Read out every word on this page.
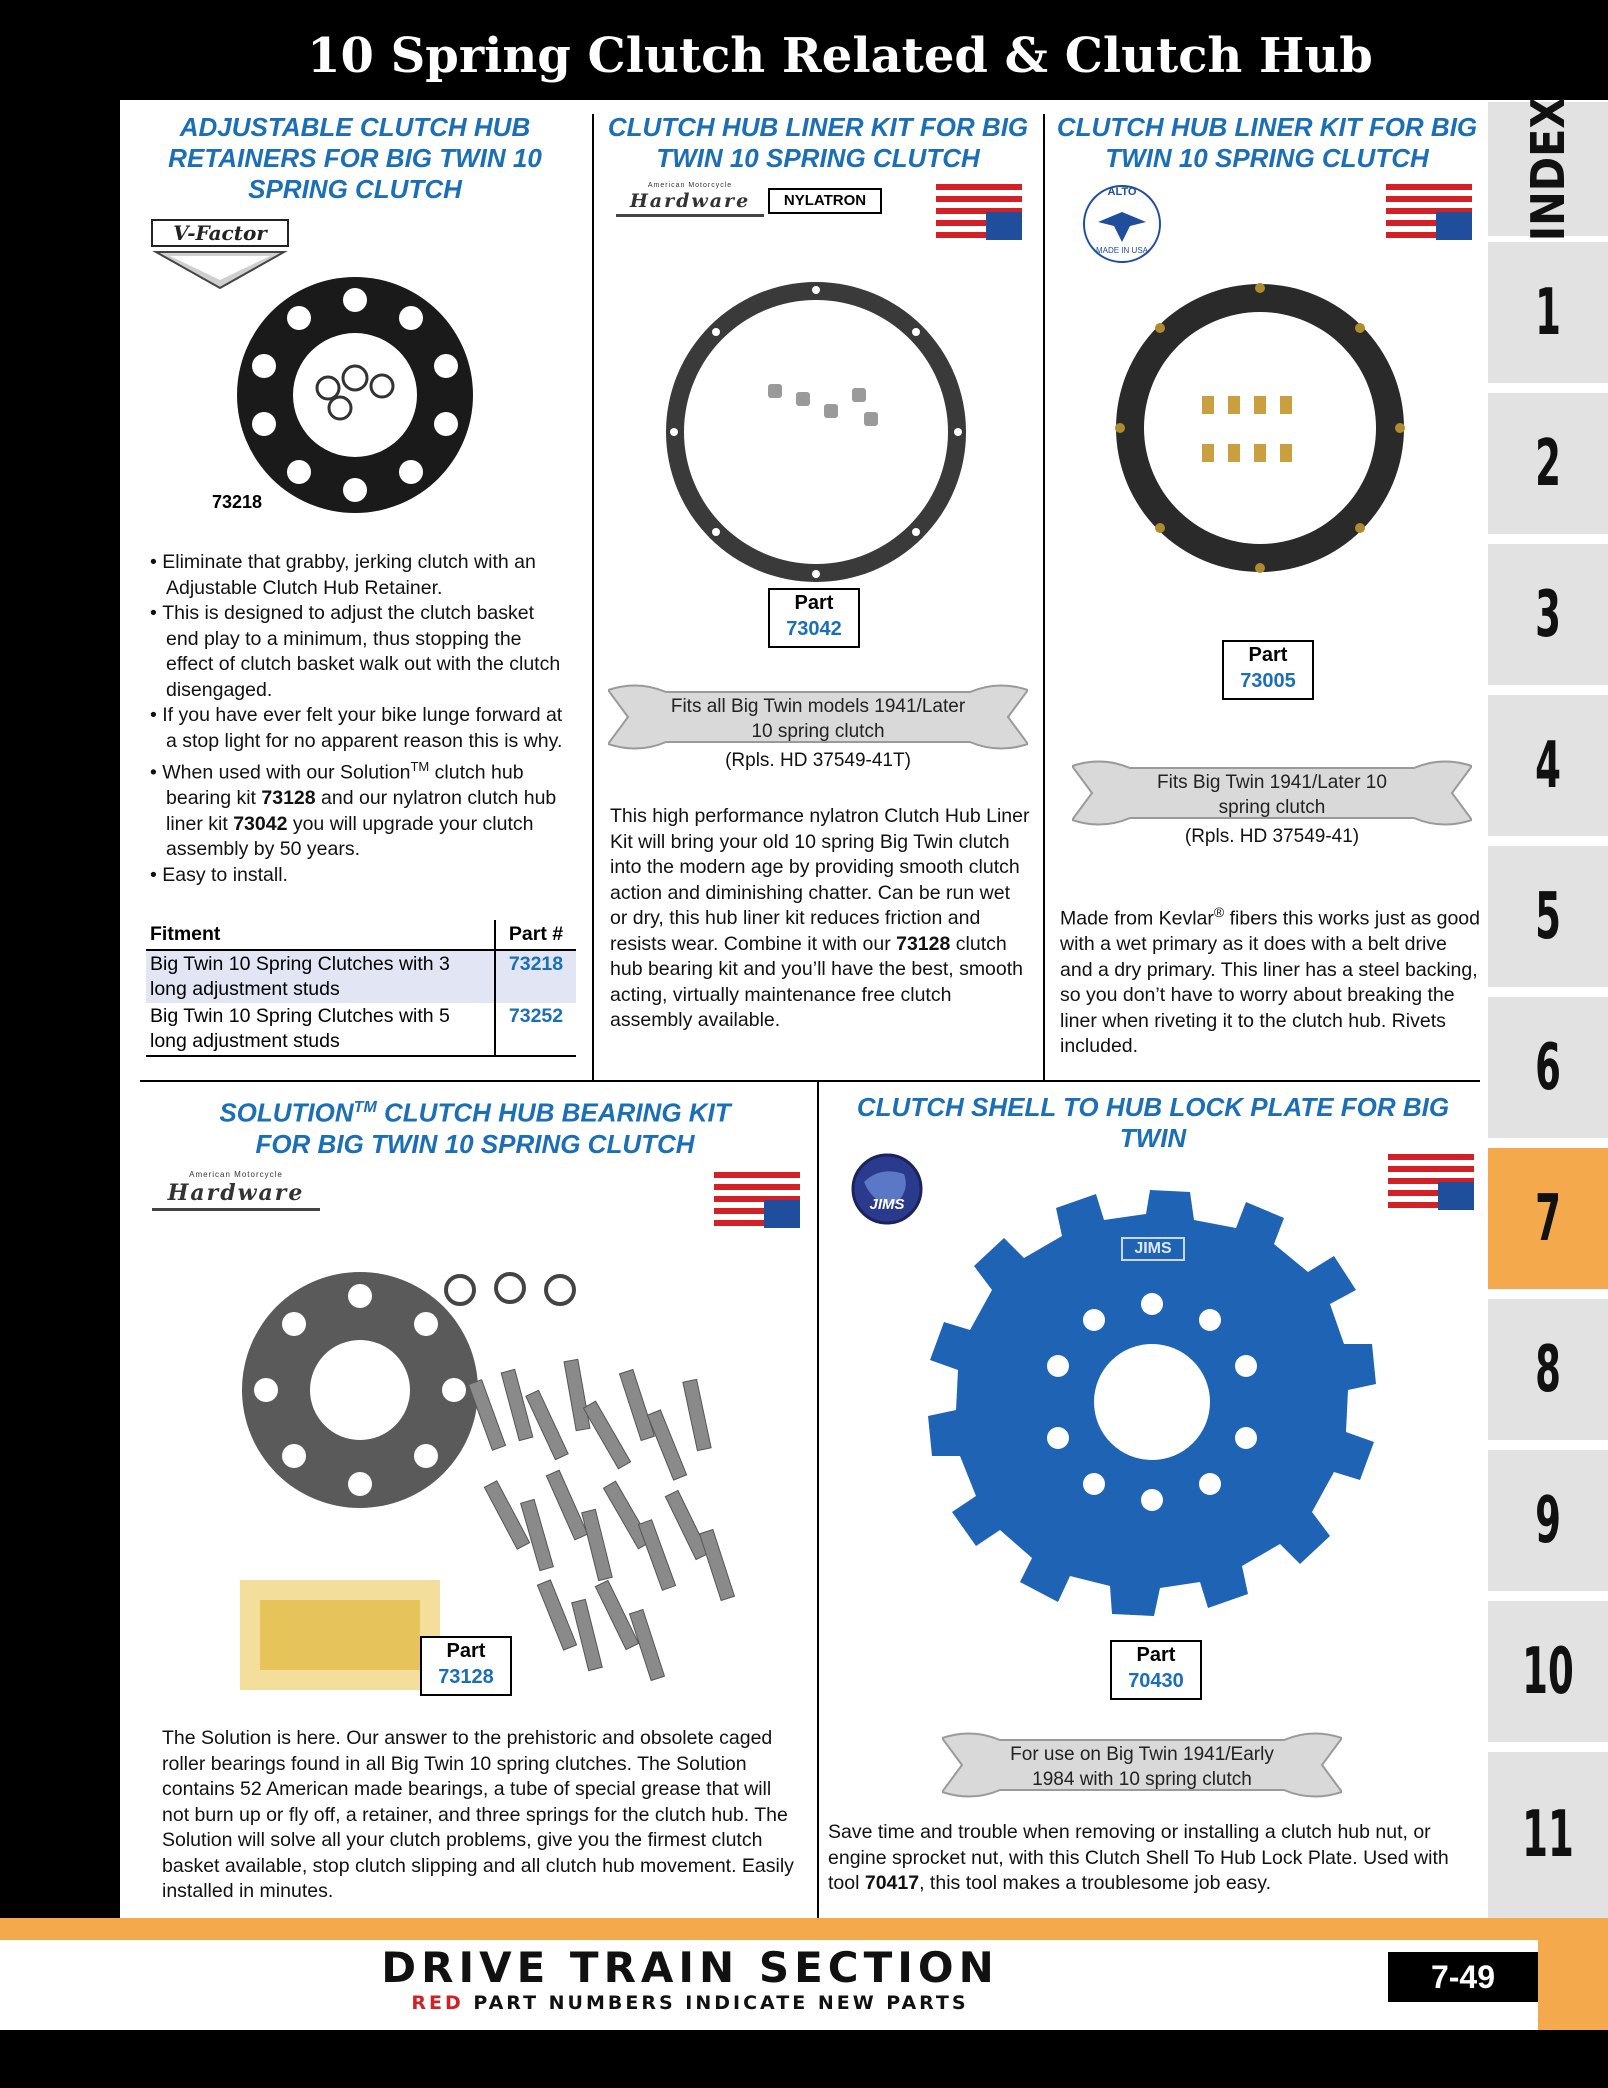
10 Spring Clutch Related & Clutch Hub
ADJUSTABLE CLUTCH HUB RETAINERS FOR BIG TWIN 10 SPRING CLUTCH
V-Factor
73218

• Eliminate that grabby, jerking clutch with an Adjustable Clutch Hub Retainer.

• This is designed to adjust the clutch basket end play to a minimum, thus stopping the effect of clutch basket walk out with the clutch disengaged.

• If you have ever felt your bike lunge forward at a stop light for no apparent reason this is why.

• When used with our Solution™ clutch hub bearing kit 73128 and our nylatron clutch hub liner kit 73042 you will upgrade your clutch assembly by 50 years.

• Easy to install.

Fitment	Part #
Big Twin 10 Spring Clutches with 3 long adjustment studs	73218
Big Twin 10 Spring Clutches with 5 long adjustment studs	73252
CLUTCH HUB LINER KIT FOR BIG TWIN 10 SPRING CLUTCH
American Motorcycle
Hardware	NYLATRON
Part
73042
Fits all Big Twin models 1941/Later 10 spring clutch
(Rpls. HD 37549-41T)
This high performance nylatron Clutch Hub Liner Kit will bring your old 10 spring Big Twin clutch into the modern age by providing smooth clutch action and diminishing chatter. Can be run wet or dry, this hub liner kit reduces friction and resists wear. Combine it with our 73128 clutch hub bearing kit and you’ll have the best, smooth acting, virtually maintenance free clutch assembly available.
CLUTCH HUB LINER KIT FOR BIG TWIN 10 SPRING CLUTCH
ALTO
MADE IN USA
Part
73005
Fits Big Twin 1941/Later 10 spring clutch
(Rpls. HD 37549-41)
Made from Kevlar® fibers this works just as good with a wet primary as it does with a belt drive and a dry primary. This liner has a steel backing, so you don’t have to worry about breaking the liner when riveting it to the clutch hub. Rivets included.
SOLUTION™ CLUTCH HUB BEARING KIT
FOR BIG TWIN 10 SPRING CLUTCH
American Motorcycle
Hardware
Part
73128
The Solution is here. Our answer to the prehistoric and obsolete caged roller bearings found in all Big Twin 10 spring clutches. The Solution contains 52 American made bearings, a tube of special grease that will not burn up or fly off, a retainer, and three springs for the clutch hub. The Solution will solve all your clutch problems, give you the firmest clutch basket available, stop clutch slipping and all clutch hub movement. Easily installed in minutes.
CLUTCH SHELL TO HUB LOCK PLATE FOR BIG TWIN
JIMS
JIMS
Part
70430
For use on Big Twin 1941/Early 1984 with 10 spring clutch
Save time and trouble when removing or installing a clutch hub nut, or engine sprocket nut, with this Clutch Shell To Hub Lock Plate. Used with tool 70417, this tool makes a troublesome job easy.
INDEX
1
2
3
4
5
6
7
8
9
10
11
DRIVE TRAIN SECTION
RED PART NUMBERS INDICATE NEW PARTS
7-49
